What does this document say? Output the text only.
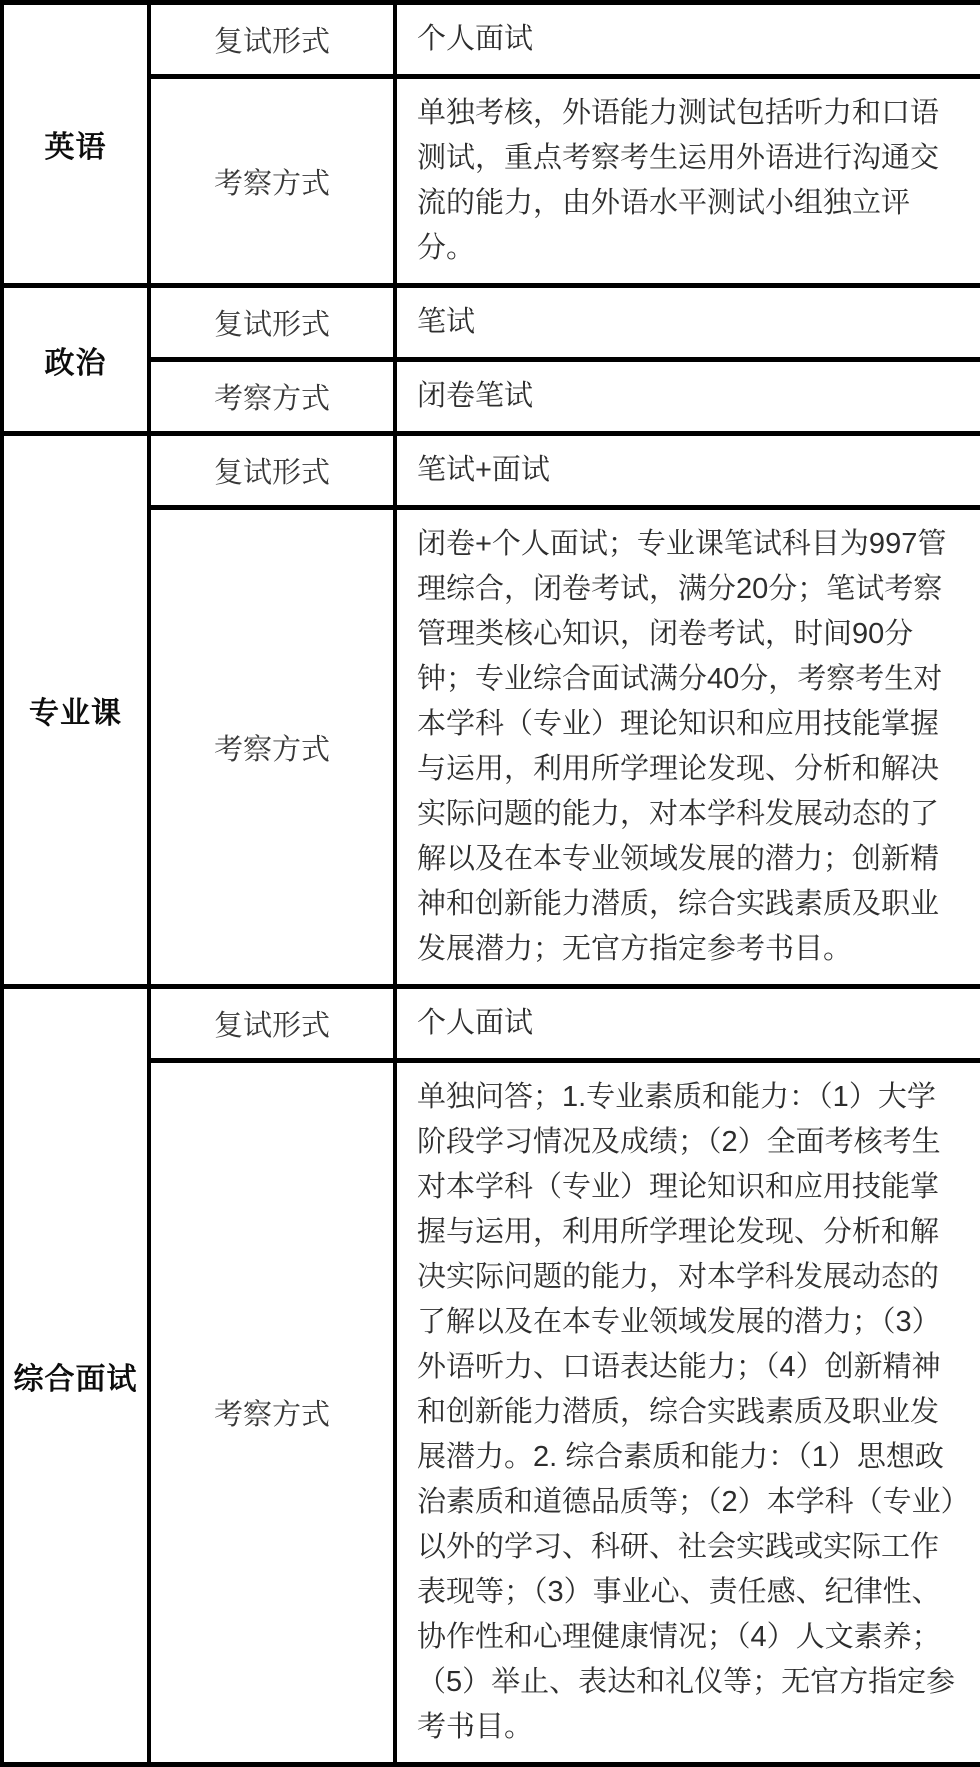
英语	复试形式	个人面试
	考察方式	单独考核，外语能力测试包括听力和口语测试，重点考察考生运用外语进行沟通交流的能力，由外语水平测试小组独立评分。
政治	复试形式	笔试
	考察方式	闭卷笔试
专业课	复试形式	笔试+面试
	考察方式	闭卷+个人面试；专业课笔试科目为997管理综合，闭卷考试，满分20分；笔试考察管理类核心知识，闭卷考试，时间90分钟；专业综合面试满分40分，考察考生对本学科（专业）理论知识和应用技能掌握与运用，利用所学理论发现、分析和解决实际问题的能力，对本学科发展动态的了解以及在本专业领域发展的潜力；创新精神和创新能力潜质，综合实践素质及职业发展潜力；无官方指定参考书目。
综合面试	复试形式	个人面试
	考察方式	单独问答；1.专业素质和能力：（1）大学阶段学习情况及成绩；（2）全面考核考生对本学科（专业）理论知识和应用技能掌握与运用，利用所学理论发现、分析和解决实际问题的能力，对本学科发展动态的了解以及在本专业领域发展的潜力；（3）外语听力、口语表达能力；（4）创新精神和创新能力潜质，综合实践素质及职业发展潜力。2. 综合素质和能力：（1）思想政治素质和道德品质等；（2）本学科（专业）以外的学习、科研、社会实践或实际工作表现等；（3）事业心、责任感、纪律性、协作性和心理健康情况；（4）人文素养；（5）举止、表达和礼仪等；无官方指定参考书目。
